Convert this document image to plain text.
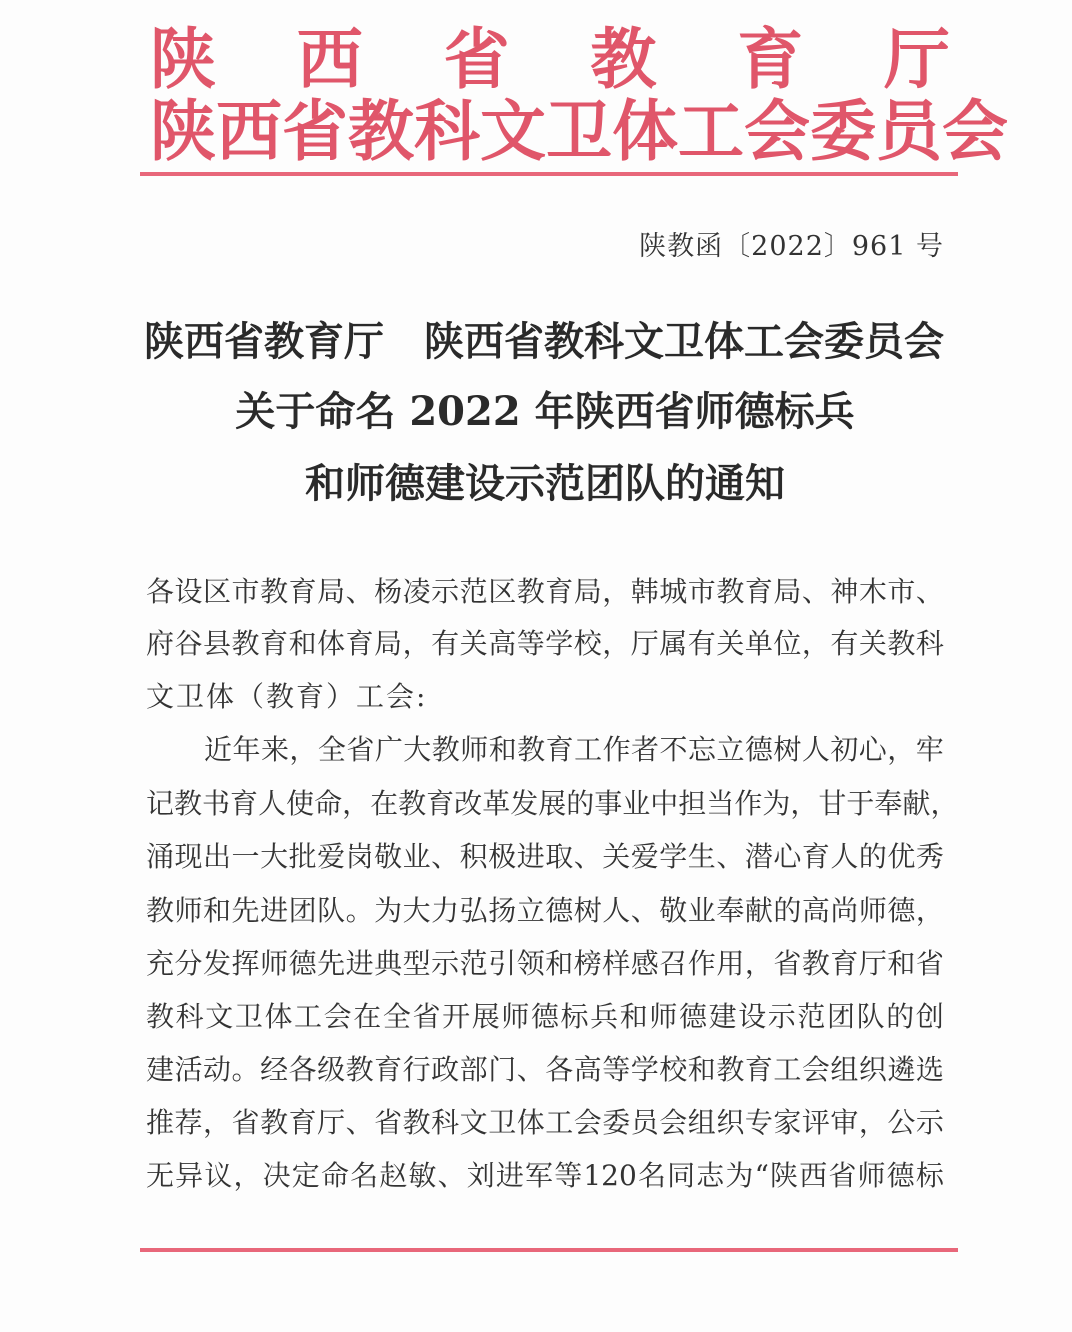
陕 西 省 教 育 厅
陕 西 省 教 科 文 卫 体 工 会 委 员 会
陕教函〔2022〕961 号
陕西省教育厅 陕西省教科文卫体工会委员会
关于命名 2022 年陕西省师德标兵
和师德建设示范团队的通知
各 设 区 市 教 育 局 、 杨 凌 示 范 区 教 育 局 ， 韩 城 市 教 育 局 、 神 木 市 、
府 谷 县 教 育 和 体 育 局 ， 有 关 高 等 学 校 ， 厅 属 有 关 单 位 ， 有 关 教 科
文卫体（教育）工会:
近 年 来 ， 全 省 广 大 教 师 和 教 育 工 作 者 不 忘 立 德 树 人 初 心 ， 牢
记 教 书 育 人 使 命 ， 在 教 育 改 革 发 展 的 事 业 中 担 当 作 为 ， 甘 于 奉 献 ，
涌 现 出 一 大 批 爱 岗 敬 业 、 积 极 进 取 、 关 爱 学 生 、 潜 心 育 人 的 优 秀
教 师 和 先 进 团 队 。 为 大 力 弘 扬 立 德 树 人 、 敬 业 奉 献 的 高 尚 师 德 ，
充 分 发 挥 师 德 先 进 典 型 示 范 引 领 和 榜 样 感 召 作 用 ， 省 教 育 厅 和 省
教 科 文 卫 体 工 会 在 全 省 开 展 师 德 标 兵 和 师 德 建 设 示 范 团 队 的 创
建 活 动 。 经 各 级 教 育 行 政 部 门 、 各 高 等 学 校 和 教 育 工 会 组 织 遴 选
推 荐 ， 省 教 育 厅 、 省 教 科 文 卫 体 工 会 委 员 会 组 织 专 家 评 审 ， 公 示
无 异 议 ， 决 定 命 名 赵 敏 、 刘 进 军 等 120 名 同 志 为 “ 陕 西 省 师 德 标
